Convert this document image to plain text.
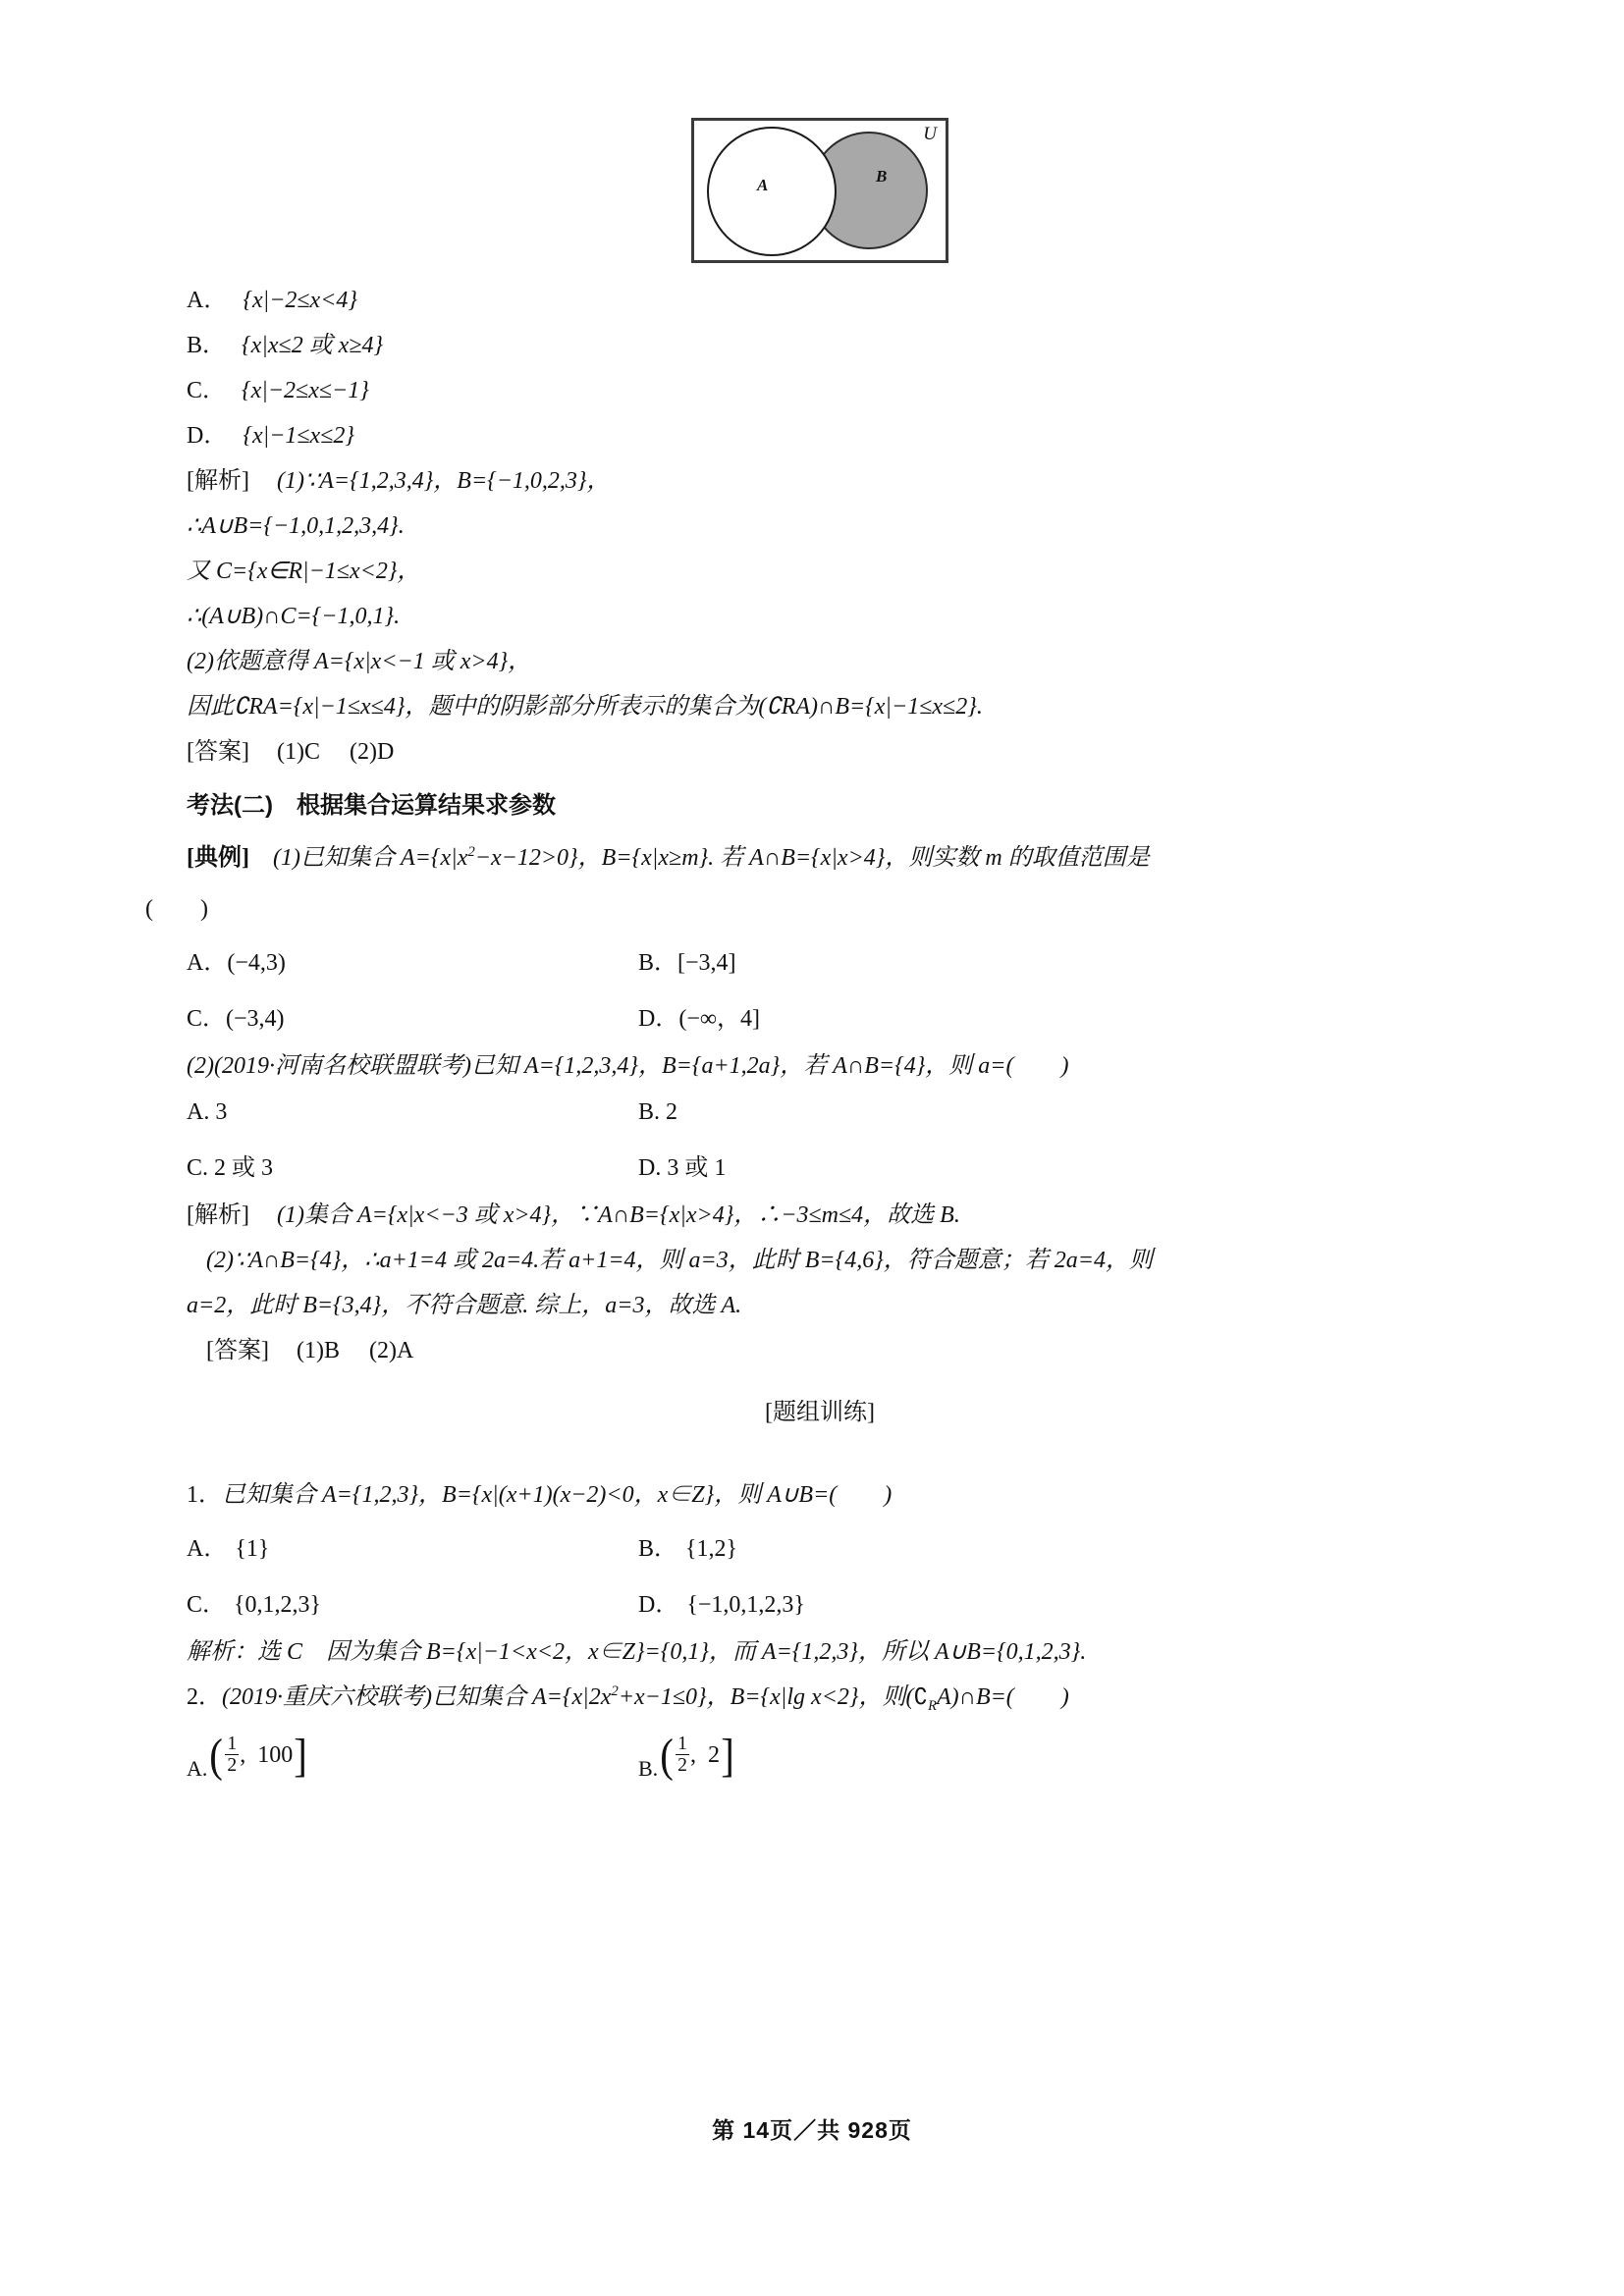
U
A	B
A． {x|−2≤x<4}
B． {x|x≤2 或 x≥4}
C． {x|−2≤x≤−1}
D． {x|−1≤x≤2}
[解析] (1)∵A={1,2,3,4}，B={−1,0,2,3}，
∴A∪B={−1,0,1,2,3,4}.
又 C={x∈R|−1≤x<2}，
∴(A∪B)∩C={−1,0,1}.
(2)依题意得 A={x|x<−1 或 x>4}，
因此∁RA={x|−1≤x≤4}，题中的阴影部分所表示的集合为(∁RA)∩B={x|−1≤x≤2}.
[答案] (1)C　 (2)D
考法(二)　根据集合运算结果求参数
[典例] (1)已知集合 $A=\{x|x^2-x-12>0\}$，B={x|x≥m}. 若 A∩B={x|x>4}，则实数 m 的取值范围是
(　　)
A．(−4,3)	B．[−3,4]
C．(−3,4)	D．(−∞，4]
(2)(2019·河南名校联盟联考)已知 A={1,2,3,4}，B={a+1,2a}，若 A∩B={4}，则 a=(　　)
A. 3	B. 2
C. 2 或 3	D. 3 或 1
[解析] (1)集合 A={x|x<−3 或 x>4}，∵A∩B={x|x>4}，∴−3≤m≤4，故选 B.
(2)∵A∩B={4}，∴a+1=4 或 2a=4.若 a+1=4，则 a=3，此时 B={4,6}，符合题意；若 2a=4，则
a=2，此时 B={3,4}，不符合题意. 综上，a=3，故选 A.
[答案] (1)B　 (2)A
[题组训练]
1．已知集合 A={1,2,3}，B={x|(x+1)(x−2)<0，x∈Z}，则 A∪B=(　　)
A． {1}	B． {1,2}
C． {0,1,2,3}	D． {−1,0,1,2,3}
解析：选 C　因为集合 B={x|−1<x<2，x∈Z}={0,1}，而 A={1,2,3}，所以 A∪B={0,1,2,3}.
2．(2019·重庆六校联考)已知集合 $A=\{x|2x^2+x-1\le 0\}$，B={x|lg x<2}，则$(∁_RA)\cap B=$(　　)
A. ( $\frac{1}{2}$ , 100 ]	B. ( $\frac{1}{2}$ , 2 ]
第 14页／共 928页
